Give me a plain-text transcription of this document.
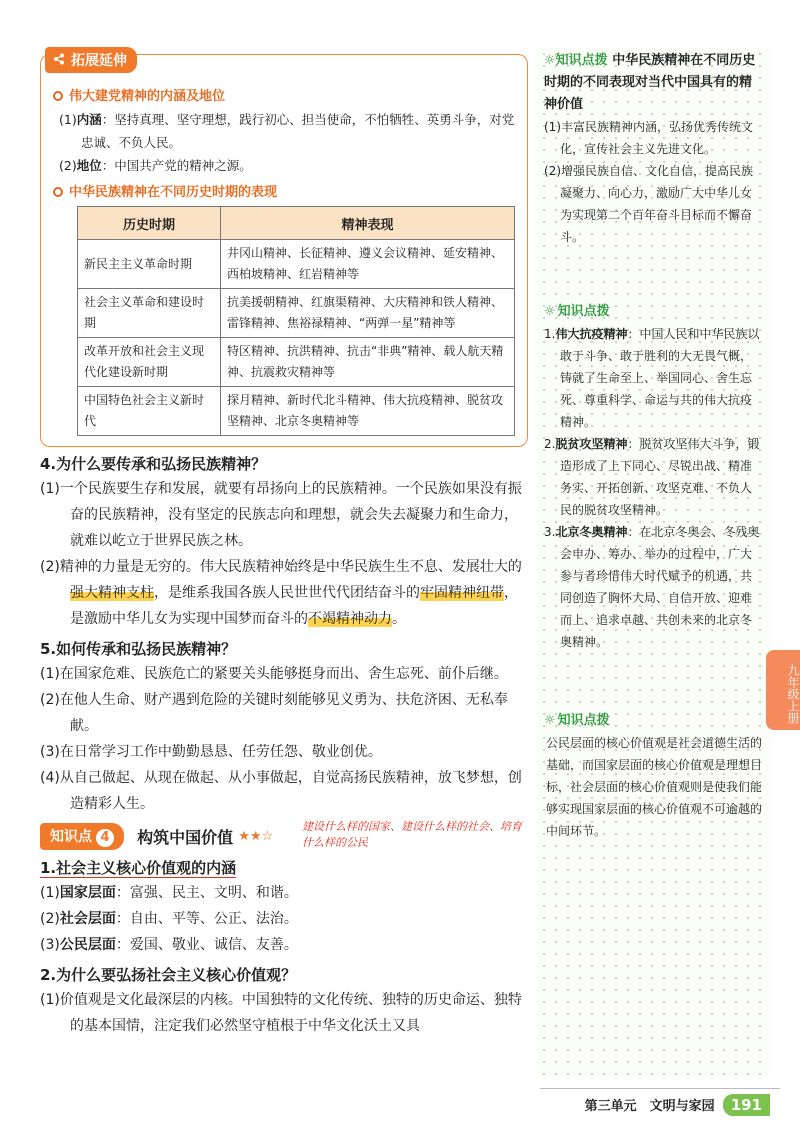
拓展延伸
伟大建党精神的内涵及地位

(1)内涵：坚持真理、坚守理想，践行初心、担当使命，不怕牺牲、英勇斗争，对党忠诚、不负人民。

(2)地位：中国共产党的精神之源。

中华民族精神在不同历史时期的表现
历史时期	精神表现
新民主主义革命时期	井冈山精神、长征精神、遵义会议精神、延安精神、西柏坡精神、红岩精神等
社会主义革命和建设时期	抗美援朝精神、红旗渠精神、大庆精神和铁人精神、雷锋精神、焦裕禄精神、“两弹一星”精神等
改革开放和社会主义现代化建设新时期	特区精神、抗洪精神、抗击“非典”精神、载人航天精神、抗震救灾精神等
中国特色社会主义新时代	探月精神、新时代北斗精神、伟大抗疫精神、脱贫攻坚精神、北京冬奥精神等
4.为什么要传承和弘扬民族精神？

(1)一个民族要生存和发展，就要有昂扬向上的民族精神。一个民族如果没有振奋的民族精神，没有坚定的民族志向和理想，就会失去凝聚力和生命力，就难以屹立于世界民族之林。

(2)精神的力量是无穷的。伟大民族精神始终是中华民族生生不息、发展壮大的强大精神支柱，是维系我国各族人民世世代代团结奋斗的牢固精神纽带，是激励中华儿女为实现中国梦而奋斗的不竭精神动力。

5.如何传承和弘扬民族精神？

(1)在国家危难、民族危亡的紧要关头能够挺身而出、舍生忘死、前仆后继。

(2)在他人生命、财产遇到危险的关键时刻能够见义勇为、扶危济困、无私奉献。

(3)在日常学习工作中勤勤恳恳、任劳任怨、敬业创优。

(4)从自己做起、从现在做起、从小事做起，自觉高扬民族精神，放飞梦想，创造精彩人生。

知识点 4 构筑中国价值 ★★☆
建设什么样的国家、建设什么样的社会、培育什么样的公民
1.社会主义核心价值观的内涵

(1)国家层面：富强、民主、文明、和谐。

(2)社会层面：自由、平等、公正、法治。

(3)公民层面：爱国、敬业、诚信、友善。

2.为什么要弘扬社会主义核心价值观？

(1)价值观是文化最深层的内核。中国独特的文化传统、独特的历史命运、独特的基本国情，注定我们必然坚守植根于中华文化沃土又具

☼知识点拨 中华民族精神在不同历史时期的不同表现对当代中国具有的精神价值

(1)丰富民族精神内涵，弘扬优秀传统文化，宣传社会主义先进文化。

(2)增强民族自信、文化自信，提高民族凝聚力、向心力，激励广大中华儿女为实现第二个百年奋斗目标而不懈奋斗。

☼ 知识点拨

1.伟大抗疫精神：中国人民和中华民族以敢于斗争、敢于胜利的大无畏气概，铸就了生命至上、举国同心、舍生忘死、尊重科学、命运与共的伟大抗疫精神。

2.脱贫攻坚精神：脱贫攻坚伟大斗争，锻造形成了上下同心、尽锐出战、精准务实、开拓创新、攻坚克难、不负人民的脱贫攻坚精神。

3.北京冬奥精神：在北京冬奥会、冬残奥会申办、筹办、举办的过程中，广大参与者珍惜伟大时代赋予的机遇，共同创造了胸怀大局、自信开放、迎难而上、追求卓越、共创未来的北京冬奥精神。

☼ 知识点拨

公民层面的核心价值观是社会道德生活的基础，而国家层面的核心价值观是理想目标，社会层面的核心价值观则是使我们能够实现国家层面的核心价值观不可逾越的中间环节。

九年级上册
第三单元　文明与家园 191
